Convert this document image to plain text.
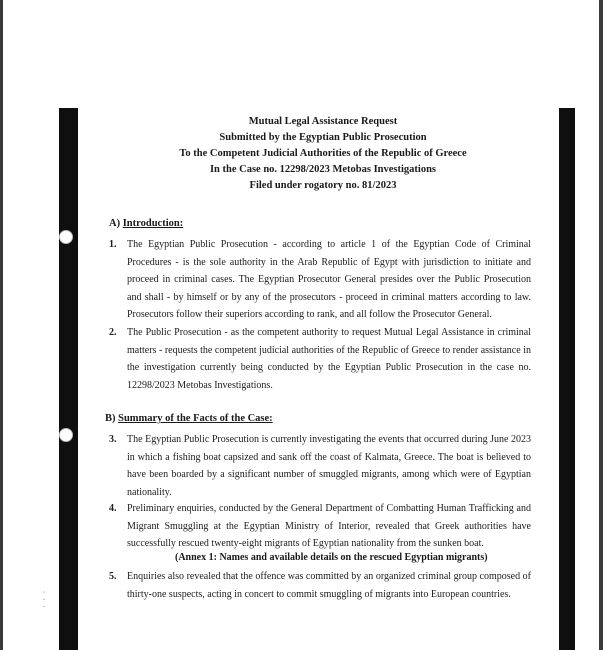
· · ·
Mutual Legal Assistance Request
Submitted by the Egyptian Public Prosecution
To the Competent Judicial Authorities of the Republic of Greece
In the Case no. 12298/2023 Metobas Investigations
Filed under rogatory no. 81/2023
A) Introduction:
1. The Egyptian Public Prosecution - according to article 1 of the Egyptian Code of Criminal Procedures - is the sole authority in the Arab Republic of Egypt with jurisdiction to initiate and proceed in criminal cases. The Egyptian Prosecutor General presides over the Public Prosecution and shall - by himself or by any of the prosecutors - proceed in criminal matters according to law. Prosecutors follow their superiors according to rank, and all follow the Prosecutor General.
2. The Public Prosecution - as the competent authority to request Mutual Legal Assistance in criminal matters - requests the competent judicial authorities of the Republic of Greece to render assistance in the investigation currently being conducted by the Egyptian Public Prosecution in the case no. 12298/2023 Metobas Investigations.
B) Summary of the Facts of the Case:
3. The Egyptian Public Prosecution is currently investigating the events that occurred during June 2023 in which a fishing boat capsized and sank off the coast of Kalmata, Greece. The boat is believed to have been boarded by a significant number of smuggled migrants, among which were of Egyptian nationality.
4. Preliminary enquiries, conducted by the General Department of Combatting Human Trafficking and Migrant Smuggling at the Egyptian Ministry of Interior, revealed that Greek authorities have successfully rescued twenty-eight migrants of Egyptian nationality from the sunken boat.
(Annex 1: Names and available details on the rescued Egyptian migrants)
5. Enquiries also revealed that the offence was committed by an organized criminal group composed of thirty-one suspects, acting in concert to commit smuggling of migrants into European countries.
